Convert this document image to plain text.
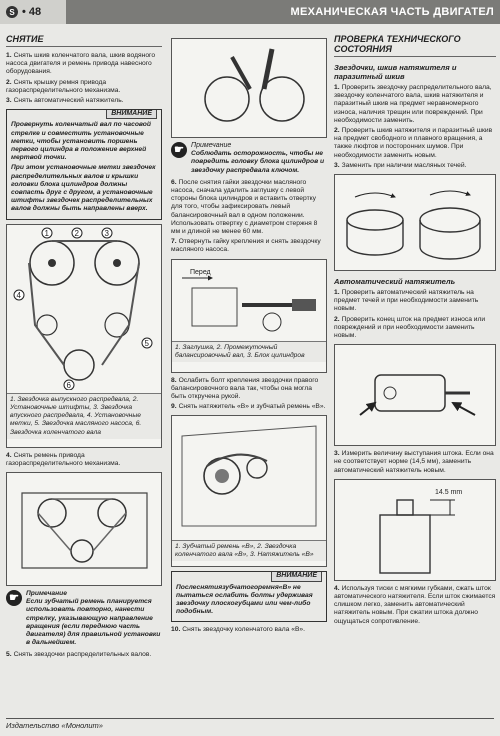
S • 48	МЕХАНИЧЕСКАЯ ЧАСТЬ ДВИГАТЕЛ
СНЯТИЕ
1. Снять шкив коленчатого вала, шкив водяного насоса двигателя и ремень привода навесного оборудования.
2. Снять крышку ремня привода газораспределительного механизма.
3. Снять автоматический натяжитель.
ВНИМАНИЕ

Провернуть коленчатый вал по часовой стрелке и совместить установочные метки, чтобы установить поршень первого цилиндра в положение верхней мертвой точки.

При этом установочные метки звездочек распределительных валов и крышки головки блока цилиндров должны совпасть друг с другом, а установочные штифты звездочек распределительных валов должны быть направлены вверх.

1	2	3
4
5
6
1. Звездочка выпускного распредвала, 2. Установочные штифты, 3. Звездочка впускного распредвала, 4. Установочные метки, 5. Звездочка масляного насоса, 6. Звездочка коленчатого вала
4. Снять ремень привода газораспределительного механизма.
☛	Примечание
Если зубчатый ремень планируется использовать повторно, нанести стрелку, указывающую направление вращения (если переднюю часть двигателя) для правильной установки в дальнейшем.
5. Снять звездочки распределительных валов.
☛	Примечание
Соблюдать осторожность, чтобы не повредить головку блока цилиндров и звездочку распредвала ключом.
6. После снятия гайки звездочки масляного насоса, сначала удалить заглушку с левой стороны блока цилиндров и вставить отвертку для того, чтобы зафиксировать левый балансировочный вал в одном положении. Использовать отвертку с диаметром стержня 8 мм и длиной не менее 60 мм.
7. Отвернуть гайку крепления и снять звездочку масляного насоса.
Перед
1. Заглушка, 2. Промежуточный балансировочный вал, 3. Блок цилиндров
8. Ослабить болт крепления звездочки правого балансировочного вала так, чтобы она могла быть открученa рукой.
9. Снять натяжитель «B» и зубчатый ремень «B».
1. Зубчатый ремень «B», 2. Звездочка коленчатого вала «B», 3. Натяжитель «B»
ВНИМАНИЕ

Послеснятиязубчатогоремня«B» не пытаться ослабить болты удерживая звездочку плоскогубцами или чем-либо подобным.

10. Снять звездочку коленчатого вала «B».
ПРОВЕРКА ТЕХНИЧЕСКОГО СОСТОЯНИЯ
Звездочки, шкив натяжителя и паразитный шкив
1. Проверить звездочку распределительного вала, звездочку коленчатого вала, шкив натяжителя и паразитный шкив на предмет неравномерного износа, наличия трещин или повреждений. При необходимости заменить.
2. Проверить шкив натяжителя и паразитный шкив на предмет свободного и плавного вращения, а также люфтов и посторонних шумов. При необходимости заменить новым.
3. Заменить при наличии масляных течей.
Автоматический натяжитель
1. Проверить автоматический натяжитель на предмет течей и при необходимости заменить новым.
2. Проверить конец шток на предмет износа или повреждений и при необходимости заменить новым.
3. Измерить величину выступания штока. Если она не соответствует норме (14,5 мм), заменить автоматический натяжитель новым.
14.5 mm
4. Используя тиски с мягкими губками, сжать шток автоматического натяжителя. Если шток сжимается слишком легко, заменить автоматический натяжитель новым. При сжатии штока должно ощущаться сопротивление.
Издательство «Монолит»
